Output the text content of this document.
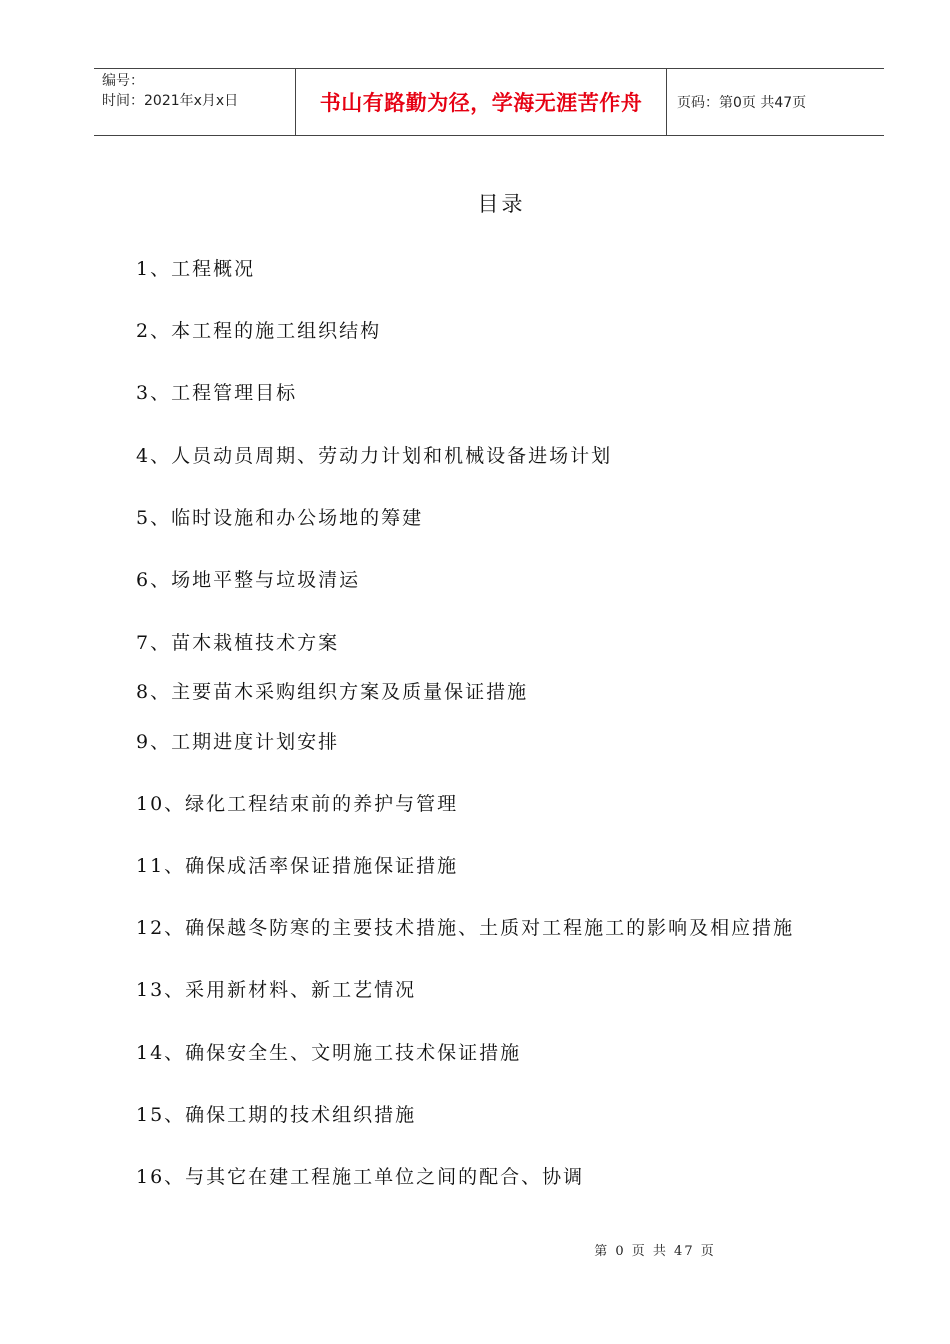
编号：
时间：2021年x月x日	书山有路勤为径，学海无涯苦作舟	页码：第0页 共47页
目录
1、工程概况
2、本工程的施工组织结构
3、工程管理目标
4、人员动员周期、劳动力计划和机械设备进场计划
5、临时设施和办公场地的筹建
6、场地平整与垃圾清运
7、苗木栽植技术方案
8、主要苗木采购组织方案及质量保证措施
9、工期进度计划安排
10、绿化工程结束前的养护与管理
11、确保成活率保证措施保证措施
12、确保越冬防寒的主要技术措施、土质对工程施工的影响及相应措施
13、采用新材料、新工艺情况
14、确保安全生、文明施工技术保证措施
15、确保工期的技术组织措施
16、与其它在建工程施工单位之间的配合、协调
第 0 页 共 47 页
